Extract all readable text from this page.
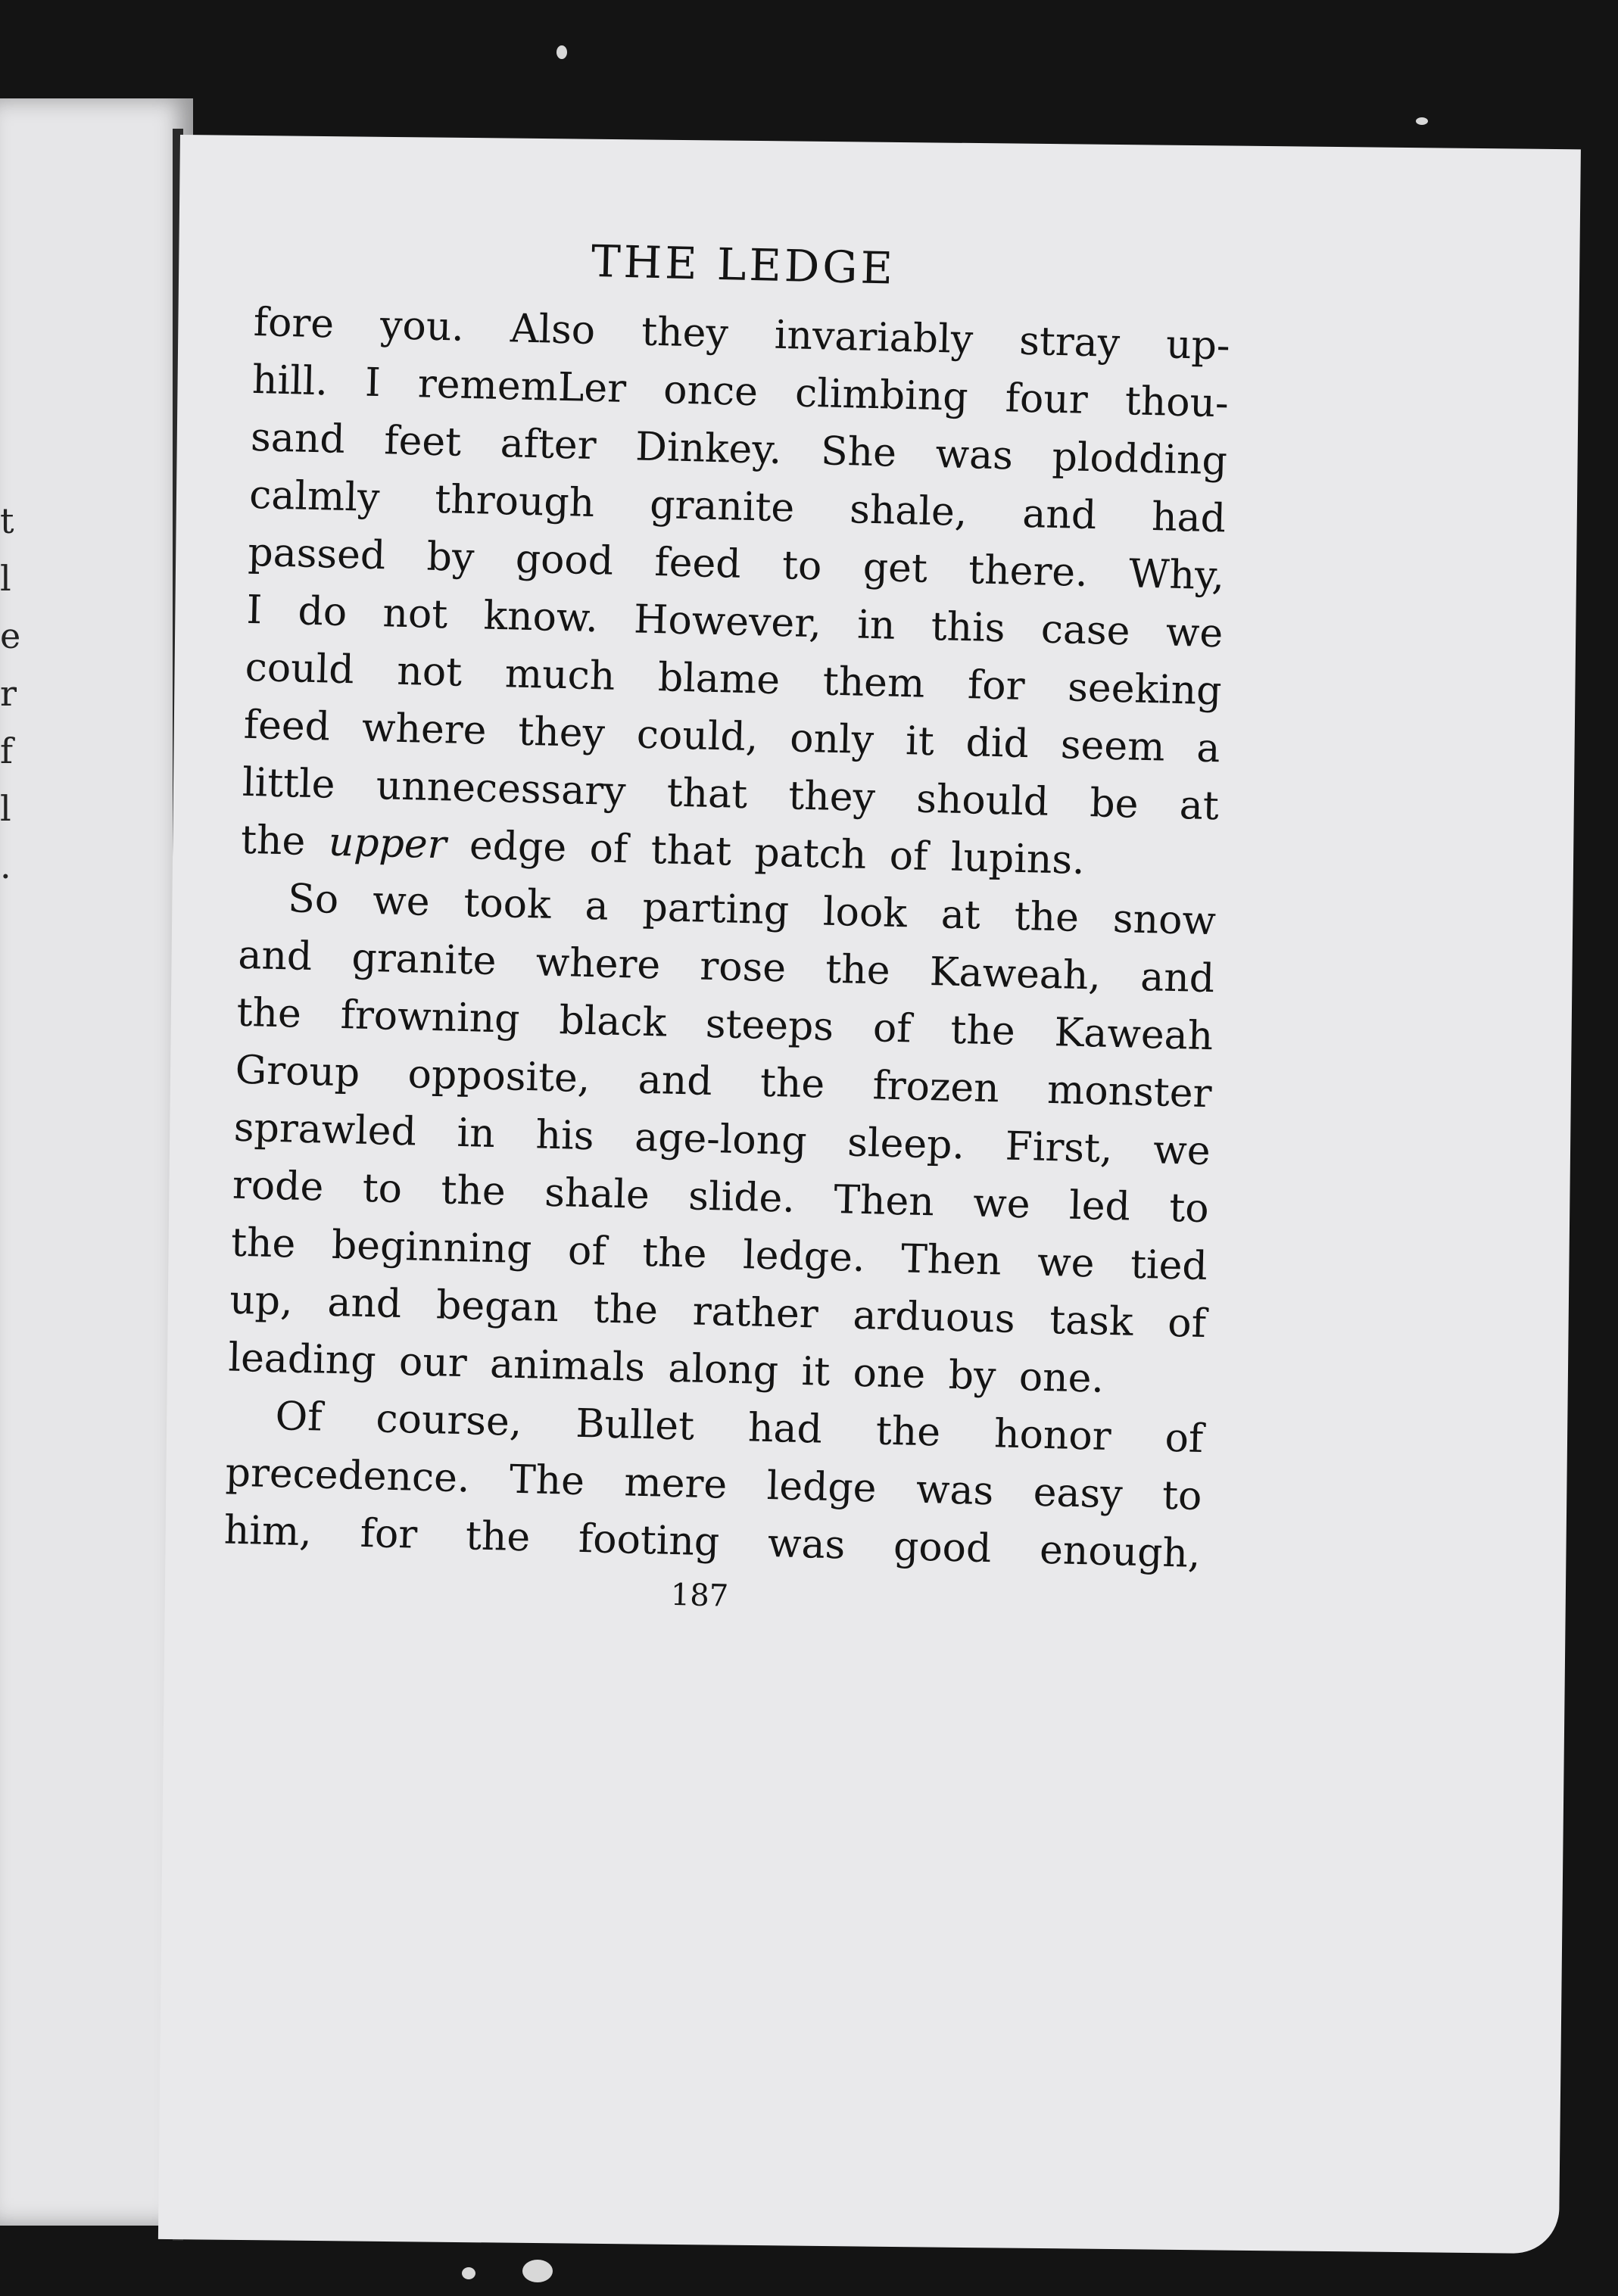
t
l
e
r
f
l
.
THE LEDGE
fore you. Also they invariably stray up-
hill. I rememLer once climbing four thou-
sand feet after Dinkey. She was plodding
calmly through granite shale, and had
passed by good feed to get there. Why,
I do not know. However, in this case we
could not much blame them for seeking
feed where they could, only it did seem a
little unnecessary that they should be at
the upper edge of that patch of lupins.
So we took a parting look at the snow
and granite where rose the Kaweah, and
the frowning black steeps of the Kaweah
Group opposite, and the frozen monster
sprawled in his age-long sleep. First, we
rode to the shale slide. Then we led to
the beginning of the ledge. Then we tied
up, and began the rather arduous task of
leading our animals along it one by one.
Of course, Bullet had the honor of
precedence. The mere ledge was easy to
him, for the footing was good enough,
187
